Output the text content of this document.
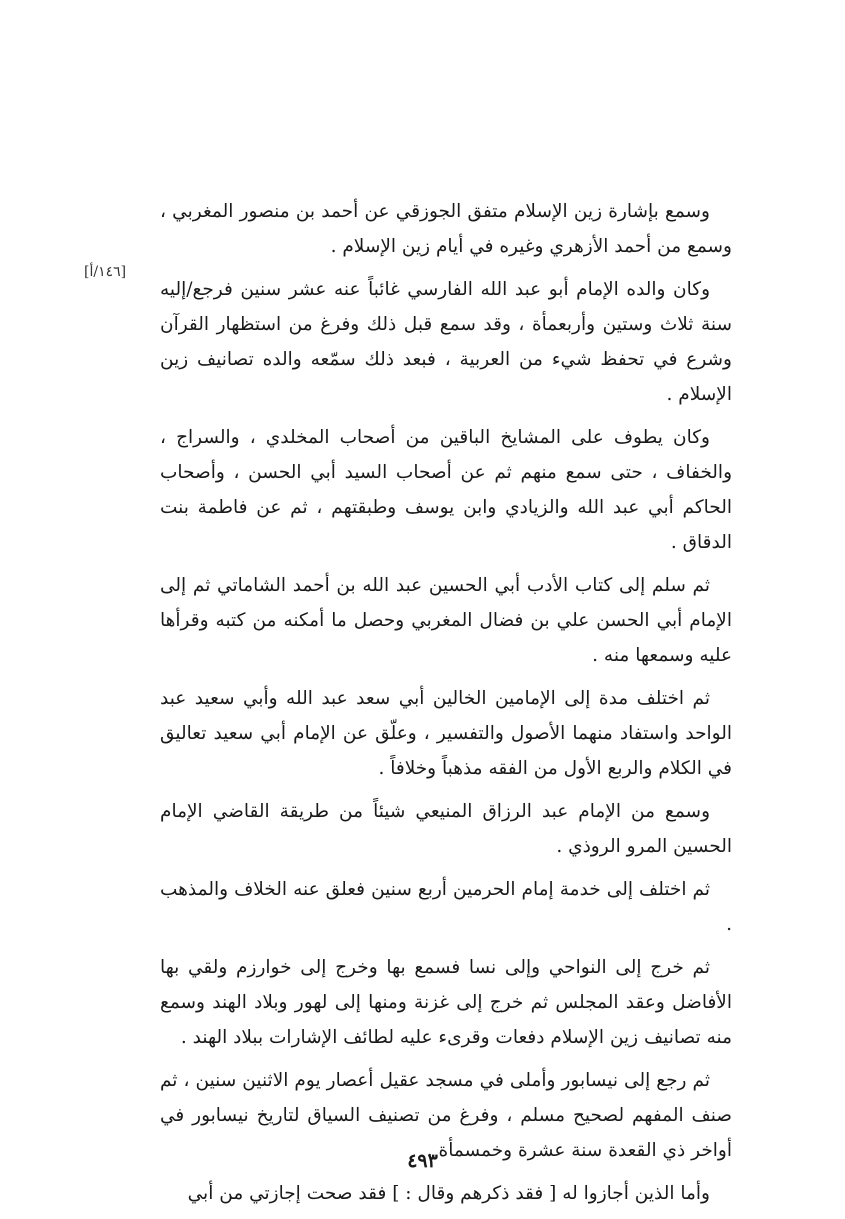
[١٤٦/أ]

وسمع بإشارة زين الإسلام متفق الجوزقي عن أحمد بن منصور المغربي ، وسمع من أحمد الأزهري وغيره في أيام زين الإسلام .

وكان والده الإمام أبو عبد الله الفارسي غائباً عنه عشر سنين فرجع/إليه سنة ثلاث وستين وأربعمأة ، وقد سمع قبل ذلك وفرغ من استظهار القرآن وشرع في تحفظ شيء من العربية ، فبعد ذلك سمّعه والده تصانيف زين الإسلام .

وكان يطوف على المشايخ الباقين من أصحاب المخلدي ، والسراج ، والخفاف ، حتى سمع منهم ثم عن أصحاب السيد أبي الحسن ، وأصحاب الحاكم أبي عبد الله والزيادي وابن يوسف وطبقتهم ، ثم عن فاطمة بنت الدقاق .

ثم سلم إلى كتاب الأدب أبي الحسين عبد الله بن أحمد الشاماتي ثم إلى الإمام أبي الحسن علي بن فضال المغربي وحصل ما أمكنه من كتبه وقرأها عليه وسمعها منه .

ثم اختلف مدة إلى الإمامين الخالين أبي سعد عبد الله وأبي سعيد عبد الواحد واستفاد منهما الأصول والتفسير ، وعلّق عن الإمام أبي سعيد تعاليق في الكلام والربع الأول من الفقه مذهباً وخلافاً .

وسمع من الإمام عبد الرزاق المنيعي شيئاً من طريقة القاضي الإمام الحسين المرو الروذي .

ثم اختلف إلى خدمة إمام الحرمين أربع سنين فعلق عنه الخلاف والمذهب .

ثم خرج إلى النواحي وإلى نسا فسمع بها وخرج إلى خوارزم ولقي بها الأفاضل وعقد المجلس ثم خرج إلى غزنة ومنها إلى لهور وبلاد الهند وسمع منه تصانيف زين الإسلام دفعات وقرىء عليه لطائف الإشارات ببلاد الهند .

ثم رجع إلى نيسابور وأملى في مسجد عقيل أعصار يوم الاثنين سنين ، ثم صنف المفهم لصحيح مسلم ، وفرغ من تصنيف السياق لتاريخ نيسابور في أواخر ذي القعدة سنة عشرة وخمسمأة .

وأما الذين أجازوا له [ فقد ذكرهم وقال : ] فقد صحت إجازتي من أبي

٤٩٣
